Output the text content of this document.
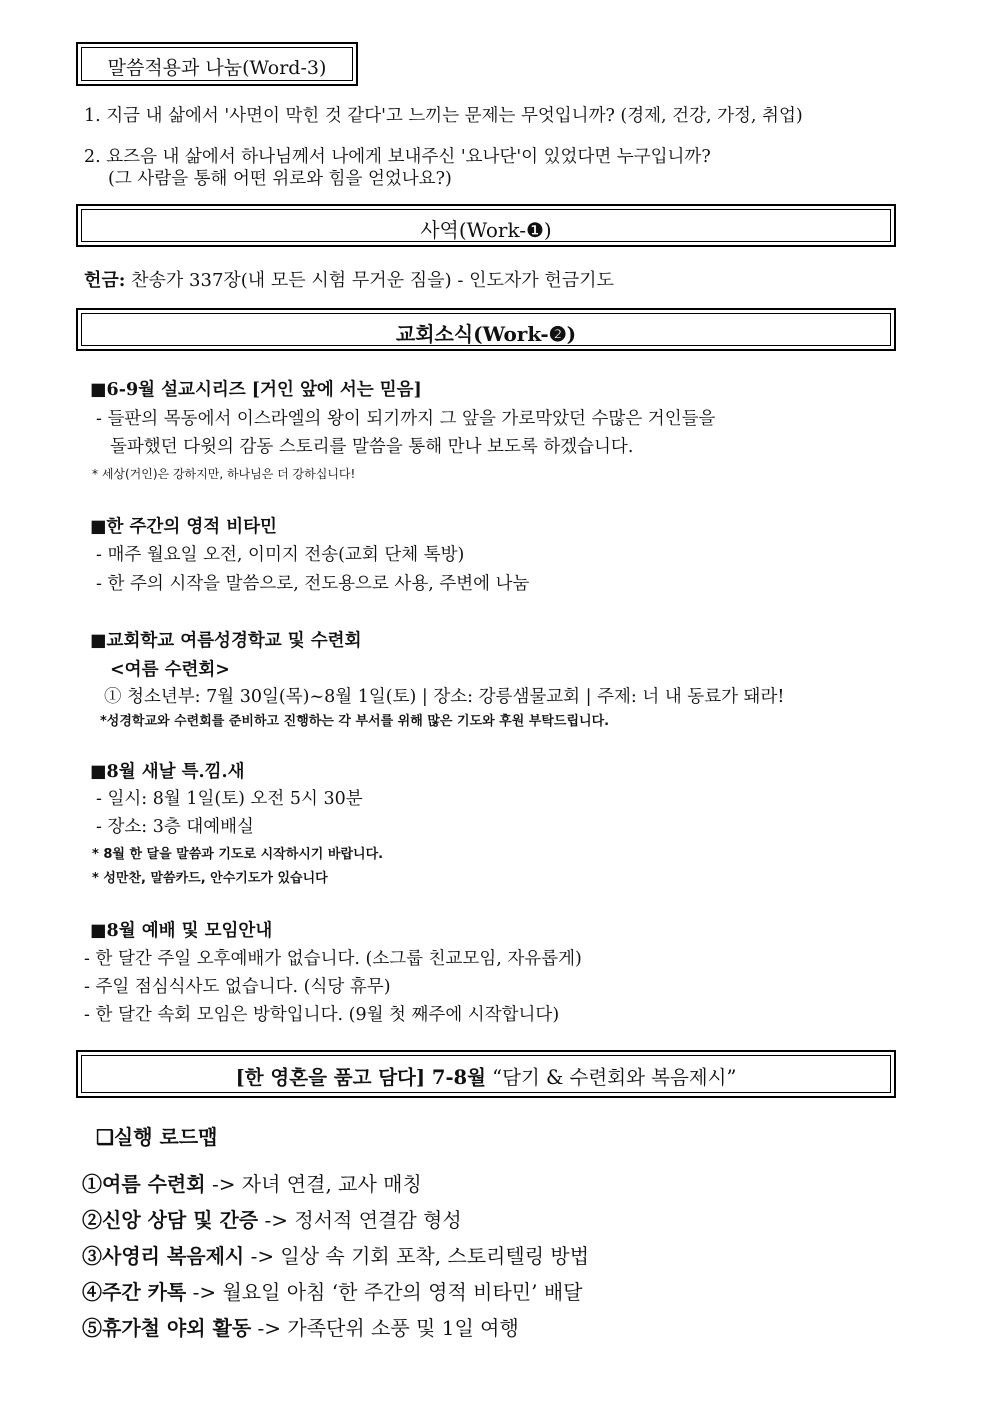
말씀적용과 나눔(Word-3)
1. 지금 내 삶에서 '사면이 막힌 것 같다'고 느끼는 문제는 무엇입니까? (경제, 건강, 가정, 취업)
2. 요즈음 내 삶에서 하나님께서 나에게 보내주신 '요나단'이 있었다면 누구입니까?
(그 사람을 통해 어떤 위로와 힘을 얻었나요?)
사역(Work-❶)
헌금: 찬송가 337장(내 모든 시험 무거운 짐을) - 인도자가 헌금기도
교회소식(Work-❷)
■6-9월 설교시리즈 [거인 앞에 서는 믿음]
- 들판의 목동에서 이스라엘의 왕이 되기까지 그 앞을 가로막았던 수많은 거인들을
돌파했던 다윗의 감동 스토리를 말씀을 통해 만나 보도록 하겠습니다.
* 세상(거인)은 강하지만, 하나님은 더 강하십니다!
■한 주간의 영적 비타민
- 매주 월요일 오전, 이미지 전송(교회 단체 톡방)
- 한 주의 시작을 말씀으로, 전도용으로 사용, 주변에 나눔
■교회학교 여름성경학교 및 수련회
<여름 수련회>
① 청소년부: 7월 30일(목)~8월 1일(토) | 장소: 강릉샘물교회 | 주제: 너 내 동료가 돼라!
*성경학교와 수련회를 준비하고 진행하는 각 부서를 위해 많은 기도와 후원 부탁드립니다.
■8월 새날 특.낌.새
- 일시: 8월 1일(토) 오전 5시 30분
- 장소: 3층 대예배실
* 8월 한 달을 말씀과 기도로 시작하시기 바랍니다.
* 성만찬, 말씀카드, 안수기도가 있습니다
■8월 예배 및 모임안내
- 한 달간 주일 오후예배가 없습니다. (소그룹 친교모임, 자유롭게)
- 주일 점심식사도 없습니다. (식당 휴무)
- 한 달간 속회 모임은 방학입니다. (9월 첫 째주에 시작합니다)
[한 영혼을 품고 담다] 7-8월 “담기 & 수련회와 복음제시”
❑실행 로드맵
①여름 수련회 -> 자녀 연결, 교사 매칭
②신앙 상담 및 간증 -> 정서적 연결감 형성
③사영리 복음제시 -> 일상 속 기회 포착, 스토리텔링 방법
④주간 카톡 -> 월요일 아침 ‘한 주간의 영적 비타민’ 배달
⑤휴가철 야외 활동 -> 가족단위 소풍 및 1일 여행
